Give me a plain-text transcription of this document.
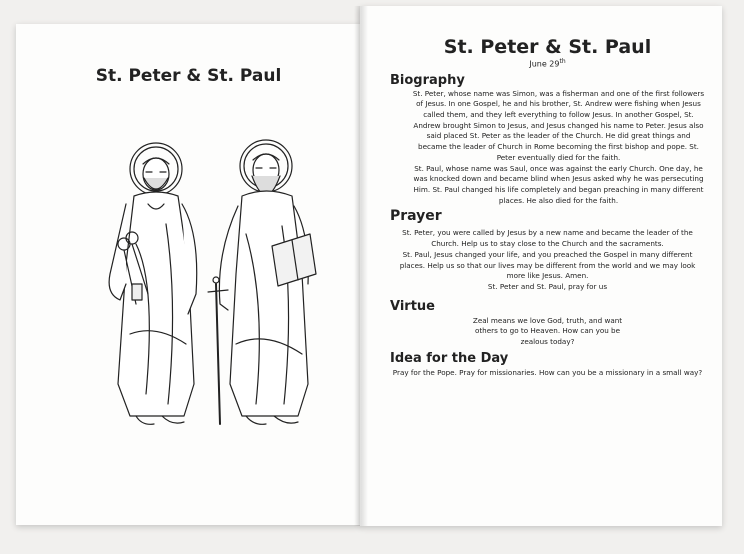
St. Peter & St. Paul
St. Peter & St. Paul
June 29th
Biography

St. Peter, whose name was Simon, was a fisherman and one of the first followers of Jesus. In one Gospel, he and his brother, St. Andrew were fishing when Jesus called them, and they left everything to follow Jesus. In another Gospel, St. Andrew brought Simon to Jesus, and Jesus changed his name to Peter. Jesus also said placed St. Peter as the leader of the Church. He did great things and became the leader of Church in Rome becoming the first bishop and pope. St. Peter eventually died for the faith.

St. Paul, whose name was Saul, once was against the early Church. One day, he was knocked down and became blind when Jesus asked why he was persecuting Him. St. Paul changed his life completely and began preaching in many different places. He also died for the faith.

Prayer

St. Peter, you were called by Jesus by a new name and became the leader of the Church. Help us to stay close to the Church and the sacraments.

St. Paul, Jesus changed your life, and you preached the Gospel in many different places. Help us so that our lives may be different from the world and we may look more like Jesus. Amen.

St. Peter and St. Paul, pray for us

Virtue
Zeal means we love God, truth, and want others to go to Heaven. How can you be zealous today?
Idea for the Day
Pray for the Pope. Pray for missionaries. How can you be a missionary in a small way?
